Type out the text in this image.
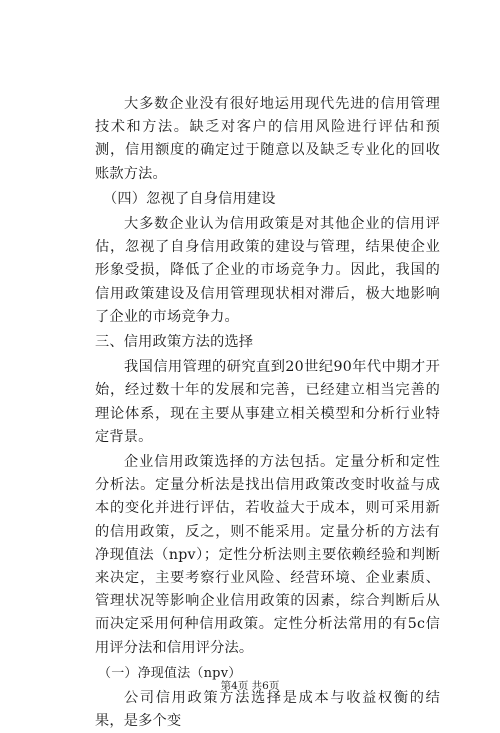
大多数企业没有很好地运用现代先进的信用管理技术和方法。缺乏对客户的信用风险进行评估和预测，信用额度的确定过于随意以及缺乏专业化的回收账款方法。

（四）忽视了自身信用建设

大多数企业认为信用政策是对其他企业的信用评估，忽视了自身信用政策的建设与管理，结果使企业形象受损，降低了企业的市场竞争力。因此，我国的信用政策建设及信用管理现状相对滞后，极大地影响了企业的市场竞争力。

三、信用政策方法的选择

我国信用管理的研究直到20世纪90年代中期才开始，经过数十年的发展和完善，已经建立相当完善的理论体系，现在主要从事建立相关模型和分析行业特定背景。

企业信用政策选择的方法包括。定量分析和定性分析法。定量分析法是找出信用政策改变时收益与成本的变化并进行评估，若收益大于成本，则可采用新的信用政策，反之，则不能采用。定量分析的方法有净现值法（npv）；定性分析法则主要依赖经验和判断来决定，主要考察行业风险、经营环境、企业素质、管理状况等影响企业信用政策的因素，综合判断后从而决定采用何种信用政策。定性分析法常用的有5c信用评分法和信用评分法。

（一）净现值法（npv）

公司信用政策方法选择是成本与收益权衡的结果，是多个变

第4页 共6页
